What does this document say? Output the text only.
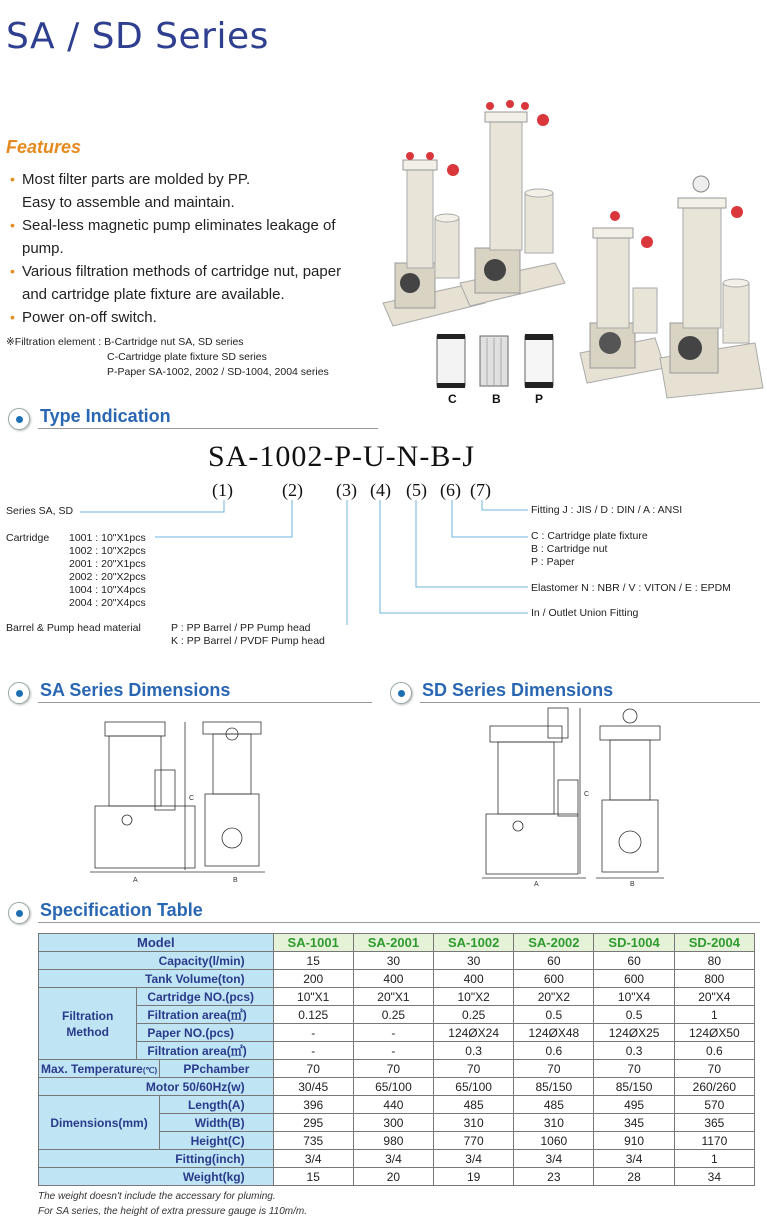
SA / SD Series
Features
• Most filter parts are molded by PP.
Easy to assemble and maintain.
• Seal-less magnetic pump eliminates leakage of
pump.
• Various filtration methods of cartridge nut, paper
and cartridge plate fixture are available.
• Power on-off switch.
※Filtration element : B-Cartridge nut SA, SD series
C-Cartridge plate fixture SD series
P-Paper SA-1002, 2002 / SD-1004, 2004 series
C	B	P
Type Indication
SA-1002-P-U-N-B-J
(1)	(2) (3) (4) (5) (6) (7)
Series SA, SD
Cartridge 1001 : 10"X1pcs
1002 : 10"X2pcs
2001 : 20"X1pcs
2002 : 20"X2pcs
1004 : 10"X4pcs
2004 : 20"X4pcs
Barrel & Pump head material	P : PP Barrel / PP Pump head
K : PP Barrel / PVDF Pump head
Fitting J : JIS / D : DIN / A : ANSI
C : Cartridge plate fixture
B : Cartridge nut
P : Paper
Elastomer N : NBR / V : VITON / E : EPDM
In / Outlet Union Fitting
SA Series Dimensions	SD Series Dimensions
A	B
C
A	B
C
Specification Table
Model			SA-1001	SA-2001	SA-1002	SA-2002	SD-1004	SD-2004
Capacity(l/min)			15	30	30	60	60	80
Tank Volume(ton)			200	400	400	600	600	800
Filtration Method	Cartridge NO.(pcs)		10"X1	20"X1	10"X2	20"X2	10"X4	20"X4
	Filtration area(㎡)		0.125	0.25	0.25	0.5	0.5	1
	Paper NO.(pcs)		-	-	124ØX24	124ØX48	124ØX25	124ØX50
	Filtration area(㎡)		-	-	0.3	0.6	0.3	0.6
Max. Temperature(℃)		PPchamber	70	70	70	70	70	70
Motor 50/60Hz(w)			30/45	65/100	65/100	85/150	85/150	260/260
Dimensions(mm)		Length(A)	396	440	485	485	495	570
		Width(B)	295	300	310	310	345	365
		Height(C)	735	980	770	1060	910	1170
Fitting(inch)			3/4	3/4	3/4	3/4	3/4	1
Weight(kg)			15	20	19	23	28	34
The weight doesn't include the accessary for pluming.
For SA series, the height of extra pressure gauge is 110m/m.
